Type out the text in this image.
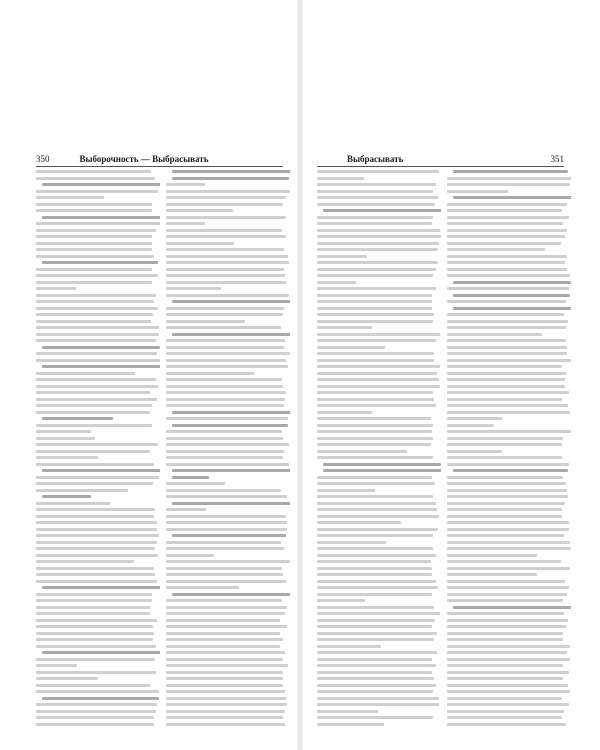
350	Выборочность — Выбрасывать	Выбрасывать	351
